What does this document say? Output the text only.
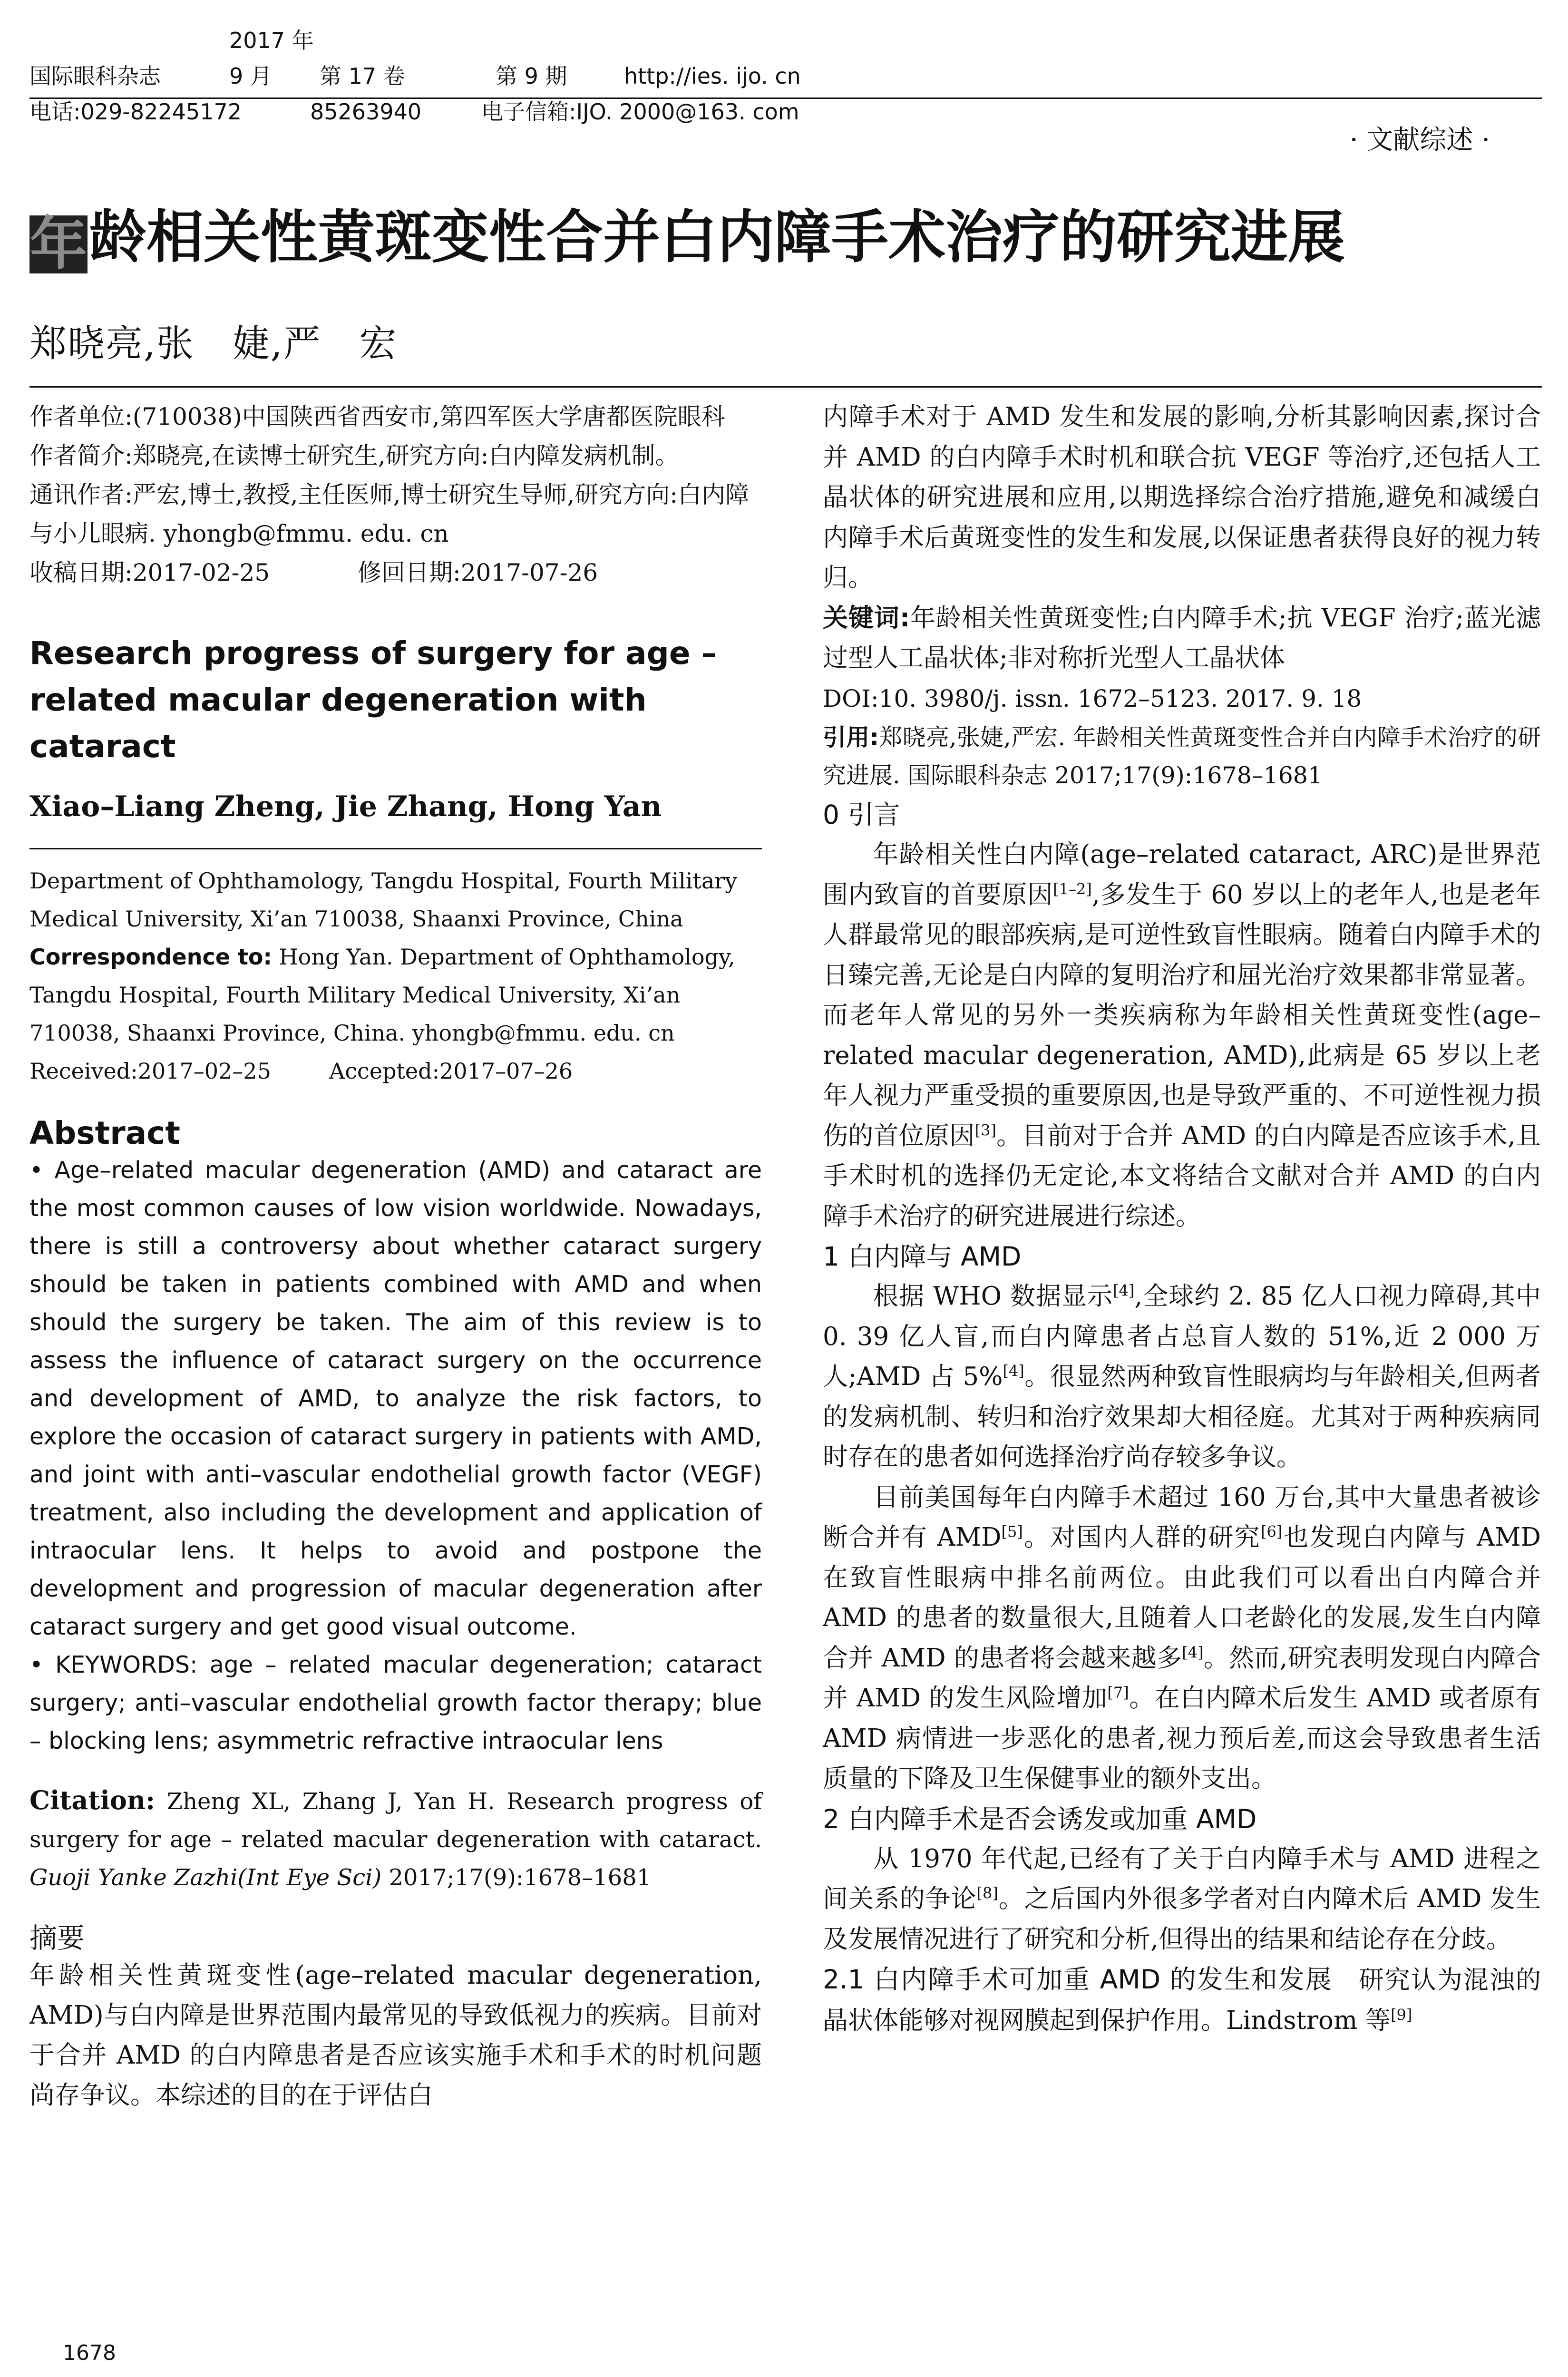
国际眼科杂志2017 年 9 月 第 17 卷	第 9 期	http://ies. ijo. cn
电话:029-82245172	85263940	电子信箱:IJO. 2000@163. com
· 文献综述 ·
年龄相关性黄斑变性合并白内障手术治疗的研究进展
郑晓亮,张　婕,严　宏

作者单位:(710038)中国陕西省西安市,第四军医大学唐都医院眼科

作者简介:郑晓亮,在读博士研究生,研究方向:白内障发病机制。

通讯作者:严宏,博士,教授,主任医师,博士研究生导师,研究方向:白内障与小儿眼病. yhongb@fmmu. edu. cn

收稿日期:2017-02-25	修回日期:2017-07-26

Research progress of surgery for age – related macular degeneration with cataract
Xiao–Liang Zheng, Jie Zhang, Hong Yan

Department of Ophthamology, Tangdu Hospital, Fourth Military Medical University, Xi’an 710038, Shaanxi Province, China

Correspondence to: Hong Yan. Department of Ophthamology, Tangdu Hospital, Fourth Military Medical University, Xi’an 710038, Shaanxi Province, China. yhongb@fmmu. edu. cn

Received:2017–02–25	Accepted:2017–07–26

Abstract

• Age–related macular degeneration (AMD) and cataract are the most common causes of low vision worldwide. Nowadays, there is still a controversy about whether cataract surgery should be taken in patients combined with AMD and when should the surgery be taken. The aim of this review is to assess the influence of cataract surgery on the occurrence and development of AMD, to analyze the risk factors, to explore the occasion of cataract surgery in patients with AMD, and joint with anti–vascular endothelial growth factor (VEGF) treatment, also including the development and application of intraocular lens. It helps to avoid and postpone the development and progression of macular degeneration after cataract surgery and get good visual outcome.

• KEYWORDS: age – related macular degeneration; cataract surgery; anti–vascular endothelial growth factor therapy; blue – blocking lens; asymmetric refractive intraocular lens

Citation: Zheng XL, Zhang J, Yan H. Research progress of surgery for age – related macular degeneration with cataract. Guoji Yanke Zazhi(Int Eye Sci) 2017;17(9):1678–1681
摘要
年龄相关性黄斑变性(age–related macular degeneration, AMD)与白内障是世界范围内最常见的导致低视力的疾病。目前对于合并 AMD 的白内障患者是否应该实施手术和手术的时机问题尚存争议。本综述的目的在于评估白

内障手术对于 AMD 发生和发展的影响,分析其影响因素,探讨合并 AMD 的白内障手术时机和联合抗 VEGF 等治疗,还包括人工晶状体的研究进展和应用,以期选择综合治疗措施,避免和减缓白内障手术后黄斑变性的发生和发展,以保证患者获得良好的视力转归。

关键词:年龄相关性黄斑变性;白内障手术;抗 VEGF 治疗;蓝光滤过型人工晶状体;非对称折光型人工晶状体

DOI:10. 3980/j. issn. 1672–5123. 2017. 9. 18

引用:郑晓亮,张婕,严宏. 年龄相关性黄斑变性合并白内障手术治疗的研究进展. 国际眼科杂志 2017;17(9):1678–1681

0 引言

年龄相关性白内障(age–related cataract, ARC)是世界范围内致盲的首要原因[1–2],多发生于 60 岁以上的老年人,也是老年人群最常见的眼部疾病,是可逆性致盲性眼病。随着白内障手术的日臻完善,无论是白内障的复明治疗和屈光治疗效果都非常显著。而老年人常见的另外一类疾病称为年龄相关性黄斑变性(age–related macular degeneration, AMD),此病是 65 岁以上老年人视力严重受损的重要原因,也是导致严重的、不可逆性视力损伤的首位原因[3]。目前对于合并 AMD 的白内障是否应该手术,且手术时机的选择仍无定论,本文将结合文献对合并 AMD 的白内障手术治疗的研究进展进行综述。

1 白内障与 AMD

根据 WHO 数据显示[4],全球约 2. 85 亿人口视力障碍,其中 0. 39 亿人盲,而白内障患者占总盲人数的 51%,近 2 000 万人;AMD 占 5%[4]。很显然两种致盲性眼病均与年龄相关,但两者的发病机制、转归和治疗效果却大相径庭。尤其对于两种疾病同时存在的患者如何选择治疗尚存较多争议。

目前美国每年白内障手术超过 160 万台,其中大量患者被诊断合并有 AMD[5]。对国内人群的研究[6]也发现白内障与 AMD 在致盲性眼病中排名前两位。由此我们可以看出白内障合并 AMD 的患者的数量很大,且随着人口老龄化的发展,发生白内障合并 AMD 的患者将会越来越多[4]。然而,研究表明发现白内障合并 AMD 的发生风险增加[7]。在白内障术后发生 AMD 或者原有 AMD 病情进一步恶化的患者,视力预后差,而这会导致患者生活质量的下降及卫生保健事业的额外支出。

2 白内障手术是否会诱发或加重 AMD

从 1970 年代起,已经有了关于白内障手术与 AMD 进程之间关系的争论[8]。之后国内外很多学者对白内障术后 AMD 发生及发展情况进行了研究和分析,但得出的结果和结论存在分歧。

2.1 白内障手术可加重 AMD 的发生和发展　研究认为混浊的晶状体能够对视网膜起到保护作用。Lindstrom 等[9]

1678
